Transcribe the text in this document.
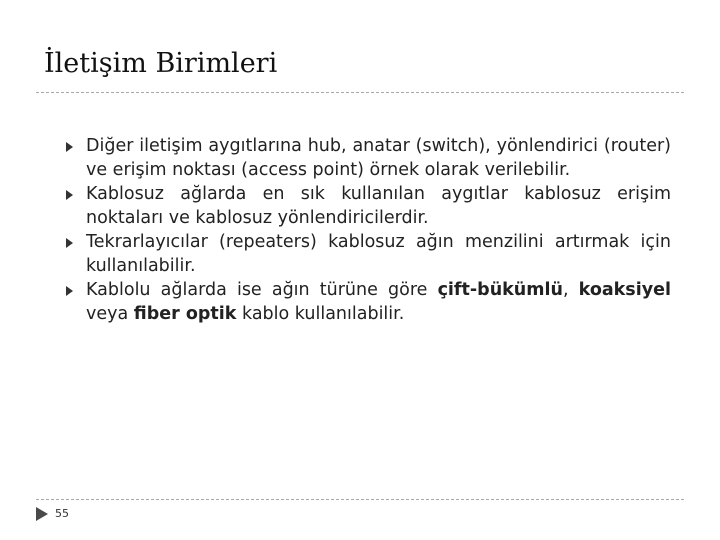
İletişim Birimleri
Diğer iletişim aygıtlarına hub, anatar (switch), yönlendirici (router) ve erişim noktası (access point) örnek olarak verilebilir.
Kablosuz ağlarda en sık kullanılan aygıtlar kablosuz erişim noktaları ve kablosuz yönlendiricilerdir.
Tekrarlayıcılar (repeaters) kablosuz ağın menzilini artırmak için kullanılabilir.
Kablolu ağlarda ise ağın türüne göre çift-bükümlü, koaksiyel veya fiber optik kablo kullanılabilir.
55
